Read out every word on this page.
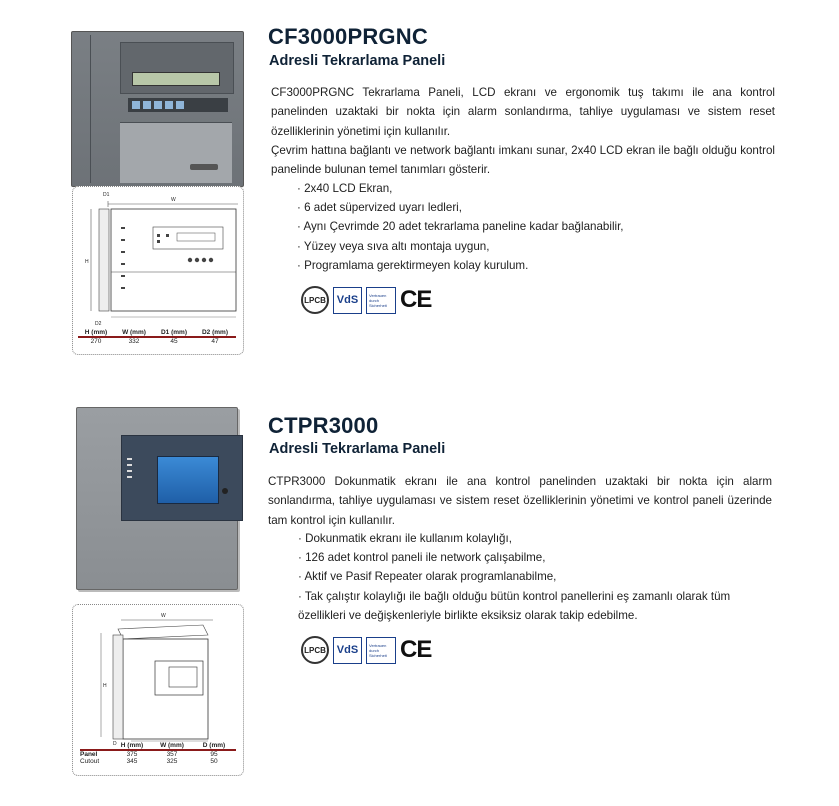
D1
W
H
D2
H (mm)	W (mm)	D1 (mm)	D2 (mm)
270	332	45	47
CF3000PRGNC
Adresli Tekrarlama Paneli
CF3000PRGNC Tekrarlama Paneli, LCD ekranı ve ergonomik tuş takımı ile ana kontrol panelinden uzaktaki bir nokta için alarm sonlandırma, tahliye uygulaması ve sistem reset özelliklerinin yönetimi için kullanılır.
Çevrim hattına bağlantı ve network bağlantı imkanı sunar, 2x40 LCD ekran ile bağlı olduğu kontrol panelinde bulunan temel tanımları gösterir.
· 2x40 LCD Ekran,
· 6 adet süpervized uyarı ledleri,
· Aynı Çevrimde 20 adet tekrarlama paneline kadar bağlanabilir,
· Yüzey veya sıva altı montaja uygun,
· Programlama gerektirmeyen kolay kurulum.
LPCB VdS	Vertrauen durch Sicherheit CE
W
H
D H (mm)	W (mm)	D (mm)
Panel	375	357	95
Cutout	345	325	50
CTPR3000
Adresli Tekrarlama Paneli
CTPR3000 Dokunmatik ekranı ile ana kontrol panelinden uzaktaki bir nokta için alarm sonlandırma, tahliye uygulaması ve sistem reset özelliklerinin yönetimi ve kontrol paneli üzerinde tam kontrol için kullanılır.
· Dokunmatik ekranı ile kullanım kolaylığı,
· 126 adet kontrol paneli ile network çalışabilme,
· Aktif ve Pasif Repeater olarak programlanabilme,
· Tak çalıştır kolaylığı ile bağlı olduğu bütün kontrol panellerini eş zamanlı olarak tüm özellikleri ve değişkenleriyle birlikte eksiksiz olarak takip edebilme.
LPCB VdS	Vertrauen durch Sicherheit CE
